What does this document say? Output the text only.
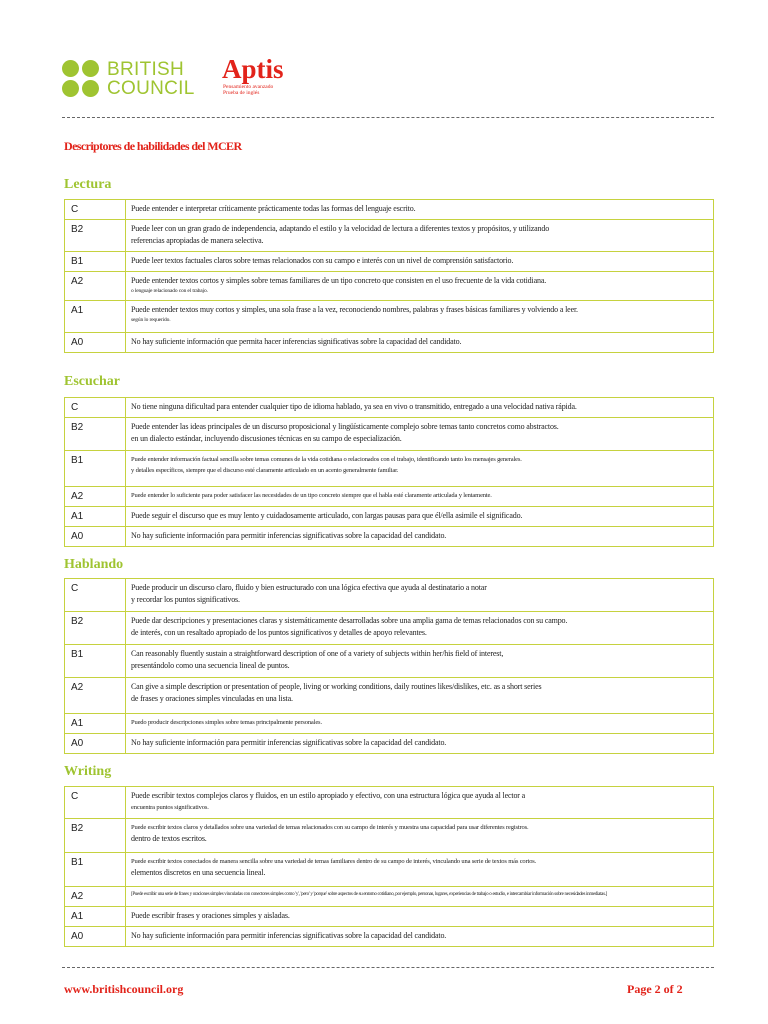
BRITISH
COUNCIL
Aptis
Pensamiento avanzado
Prueba de inglés
Descriptores de habilidades del MCER
Lectura
C	Puede entender e interpretar críticamente prácticamente todas las formas del lenguaje escrito.

B2	Puede leer con un gran grado de independencia, adaptando el estilo y la velocidad de lectura a diferentes textos y propósitos, y utilizando
referencias apropiadas de manera selectiva.

B1	Puede leer textos factuales claros sobre temas relacionados con su campo e interés con un nivel de comprensión satisfactorio.

A2	Puede entender textos cortos y simples sobre temas familiares de un tipo concreto que consisten en el uso frecuente de la vida cotidiana.
o lenguaje relacionado con el trabajo.

A1	Puede entender textos muy cortos y simples, una sola frase a la vez, reconociendo nombres, palabras y frases básicas familiares y volviendo a leer.
según lo requerido.

A0	No hay suficiente información que permita hacer inferencias significativas sobre la capacidad del candidato.
Escuchar
C	No tiene ninguna dificultad para entender cualquier tipo de idioma hablado, ya sea en vivo o transmitido, entregado a una velocidad nativa rápida.

B2	Puede entender las ideas principales de un discurso proposicional y lingüísticamente complejo sobre temas tanto concretos como abstractos.
en un dialecto estándar, incluyendo discusiones técnicas en su campo de especialización.

B1	Puede entender información factual sencilla sobre temas comunes de la vida cotidiana o relacionados con el trabajo, identificando tanto los mensajes generales.
y detalles específicos, siempre que el discurso esté claramente articulado en un acento generalmente familiar.

A2	Puede entender lo suficiente para poder satisfacer las necesidades de un tipo concreto siempre que el habla esté claramente articulada y lentamente.

A1	Puede seguir el discurso que es muy lento y cuidadosamente articulado, con largas pausas para que él/ella asimile el significado.

A0	No hay suficiente información para permitir inferencias significativas sobre la capacidad del candidato.
Hablando
C	Puede producir un discurso claro, fluido y bien estructurado con una lógica efectiva que ayuda al destinatario a notar
y recordar los puntos significativos.

B2	Puede dar descripciones y presentaciones claras y sistemáticamente desarrolladas sobre una amplia gama de temas relacionados con su campo.
de interés, con un resaltado apropiado de los puntos significativos y detalles de apoyo relevantes.

B1	Can reasonably fluently sustain a straightforward description of one of a variety of subjects within her/his field of interest,
presentándolo como una secuencia lineal de puntos.

A2	Can give a simple description or presentation of people, living or working conditions, daily routines likes/dislikes, etc. as a short series
de frases y oraciones simples vinculadas en una lista.

A1	Puedo producir descripciones simples sobre temas principalmente personales.

A0	No hay suficiente información para permitir inferencias significativas sobre la capacidad del candidato.
Writing
C	Puede escribir textos complejos claros y fluidos, en un estilo apropiado y efectivo, con una estructura lógica que ayuda al lector a
encuentra puntos significativos.

B2	Puede escribir textos claros y detallados sobre una variedad de temas relacionados con su campo de interés y muestra una capacidad para usar diferentes registros.
dentro de textos escritos.

B1	Puede escribir textos conectados de manera sencilla sobre una variedad de temas familiares dentro de su campo de interés, vinculando una serie de textos más cortos.
elementos discretos en una secuencia lineal.

A2	[Puede escribir una serie de frases y oraciones simples vinculadas con conectores simples como 'y', 'pero' y 'porque' sobre aspectos de su entorno cotidiano, por ejemplo, personas, lugares, experiencias de trabajo o estudio, e intercambiar información sobre necesidades inmediatas.]

A1	Puede escribir frases y oraciones simples y aisladas.

A0	No hay suficiente información para permitir inferencias significativas sobre la capacidad del candidato.
www.britishcouncil.org	Page 2 of 2
